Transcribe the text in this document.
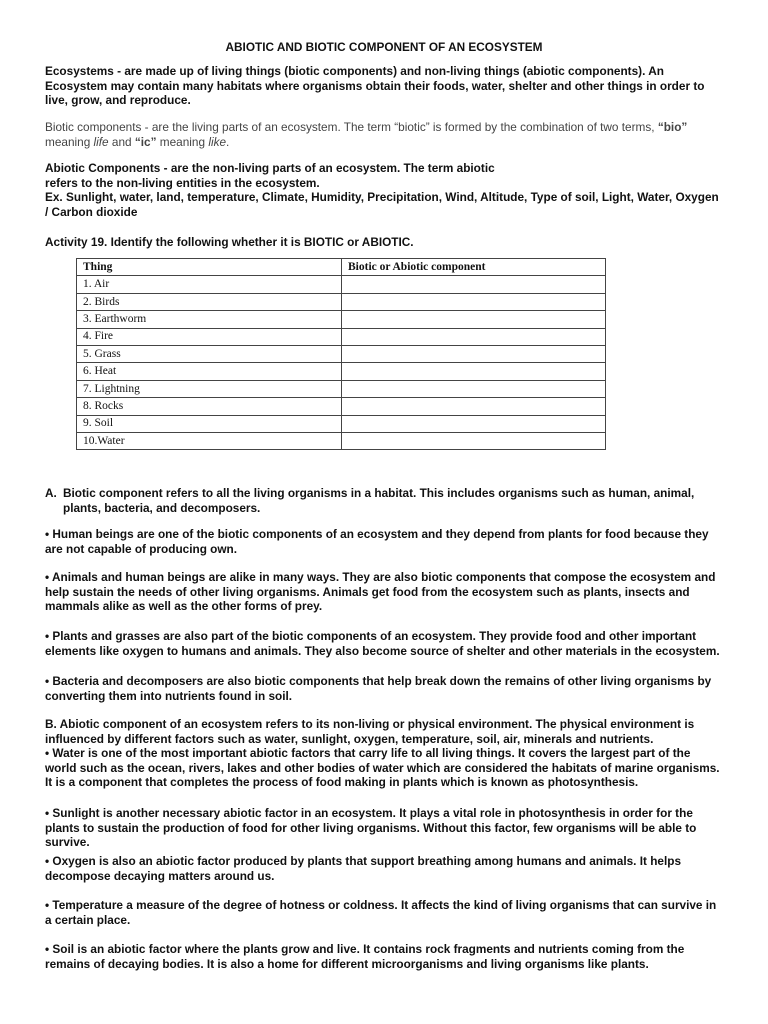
ABIOTIC AND BIOTIC COMPONENT OF AN ECOSYSTEM
Ecosystems - are made up of living things (biotic components) and non-living things (abiotic components). An Ecosystem may contain many habitats where organisms obtain their foods, water, shelter and other things in order to live, grow, and reproduce.
Biotic components - are the living parts of an ecosystem. The term “biotic” is formed by the combination of two terms, “bio” meaning life and “ic” meaning like.
Abiotic Components - are the non-living parts of an ecosystem. The term abiotic
refers to the non-living entities in the ecosystem.
Ex. Sunlight, water, land, temperature, Climate, Humidity, Precipitation, Wind, Altitude, Type of soil, Light, Water, Oxygen / Carbon dioxide
Activity 19. Identify the following whether it is BIOTIC or ABIOTIC.
Thing	Biotic or Abiotic component
1. Air	
2. Birds	
3. Earthworm	
4. Fire	
5. Grass	
6. Heat	
7. Lightning	
8. Rocks	
9. Soil	
10.Water	
A. Biotic component refers to all the living organisms in a habitat. This includes organisms such as human, animal, plants, bacteria, and decomposers.
• Human beings are one of the biotic components of an ecosystem and they depend from plants for food because they are not capable of producing own.
• Animals and human beings are alike in many ways. They are also biotic components that compose the ecosystem and help sustain the needs of other living organisms. Animals get food from the ecosystem such as plants, insects and mammals alike as well as the other forms of prey.
• Plants and grasses are also part of the biotic components of an ecosystem. They provide food and other important elements like oxygen to humans and animals. They also become source of shelter and other materials in the ecosystem.
• Bacteria and decomposers are also biotic components that help break down the remains of other living organisms by converting them into nutrients found in soil.
B. Abiotic component of an ecosystem refers to its non-living or physical environment. The physical environment is influenced by different factors such as water, sunlight, oxygen, temperature, soil, air, minerals and nutrients.
• Water is one of the most important abiotic factors that carry life to all living things. It covers the largest part of the world such as the ocean, rivers, lakes and other bodies of water which are considered the habitats of marine organisms. It is a component that completes the process of food making in plants which is known as photosynthesis.
• Sunlight is another necessary abiotic factor in an ecosystem. It plays a vital role in photosynthesis in order for the plants to sustain the production of food for other living organisms. Without this factor, few organisms will be able to survive.
• Oxygen is also an abiotic factor produced by plants that support breathing among humans and animals. It helps decompose decaying matters around us.
• Temperature a measure of the degree of hotness or coldness. It affects the kind of living organisms that can survive in a certain place.
• Soil is an abiotic factor where the plants grow and live. It contains rock fragments and nutrients coming from the remains of decaying bodies. It is also a home for different microorganisms and living organisms like plants.
